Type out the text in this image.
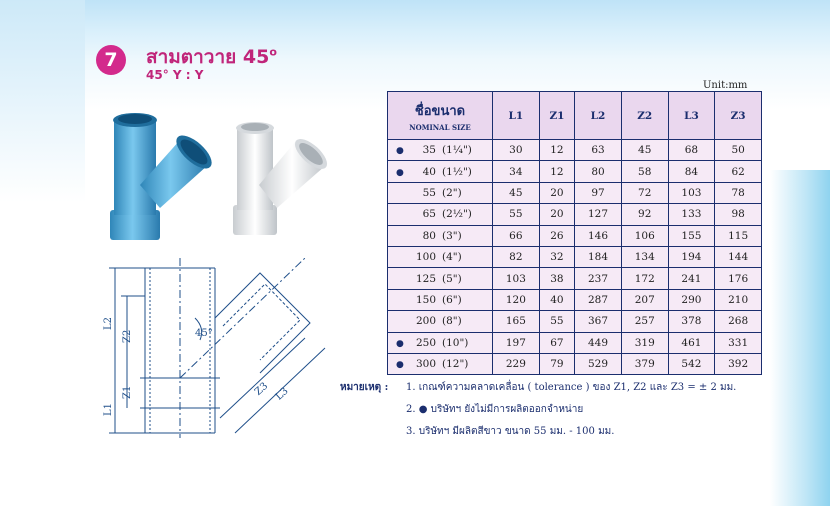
7	สามตาวาย 45$^o$
45° Y : Y
L2
Z2
Z1
L1
45°
Z3 L3
Unit:mm
ชื่อขนาด
NOMINAL SIZE	L1	Z1	L2	Z2	L3	Z3
● 35 (1¼")	30	12	63	45	68	50
● 40 (1½")	34	12	80	58	84	62
55 (2")	45	20	97	72	103	78
65 (2½")	55	20	127	92	133	98
80 (3")	66	26	146	106	155	115
100 (4")	82	32	184	134	194	144
125 (5")	103	38	237	172	241	176
150 (6")	120	40	287	207	290	210
200 (8")	165	55	367	257	378	268
● 250 (10")	197	67	449	319	461	331
● 300 (12")	229	79	529	379	542	392
หมายเหตุ :	1. เกณฑ์ความคลาดเคลื่อน ( tolerance ) ของ Z1, Z2 และ Z3 = ± 2 มม.
2. ● บริษัทฯ ยังไม่มีการผลิตออกจำหน่าย
3. บริษัทฯ มีผลิตสีขาว ขนาด 55 มม. - 100 มม.
